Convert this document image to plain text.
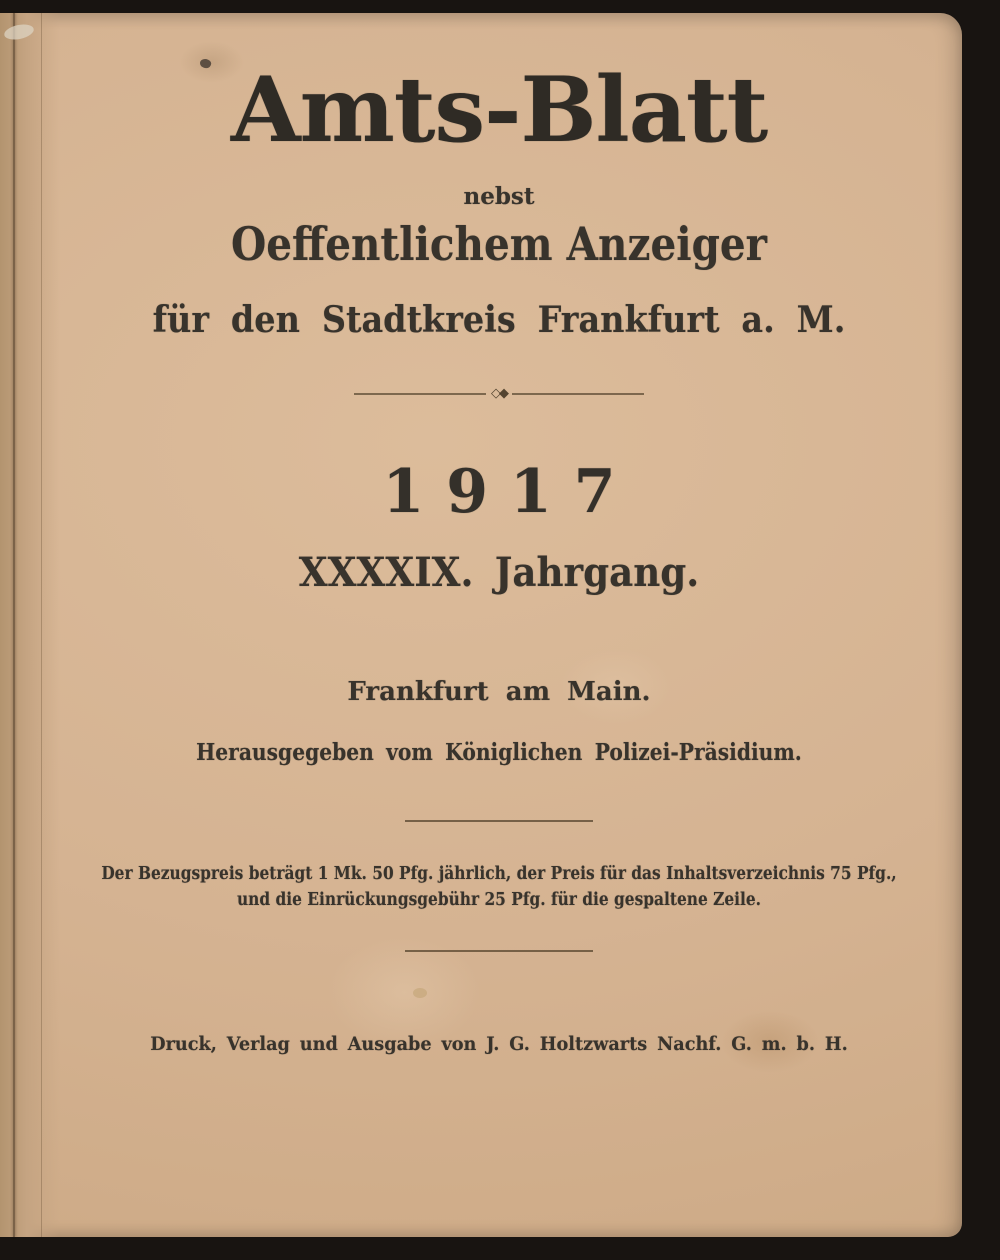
Amts-Blatt
nebst
Oeffentlichem Anzeiger
für den Stadtkreis Frankfurt a. M.
◇◆
1917
XXXXIX. Jahrgang.
Frankfurt am Main.
Herausgegeben vom Königlichen Polizei-Präsidium.
Der Bezugspreis beträgt 1 Mk. 50 Pfg. jährlich, der Preis für das Inhaltsverzeichnis 75 Pfg.,
und die Einrückungsgebühr 25 Pfg. für die gespaltene Zeile.
Druck, Verlag und Ausgabe von J. G. Holtzwarts Nachf. G. m. b. H.
